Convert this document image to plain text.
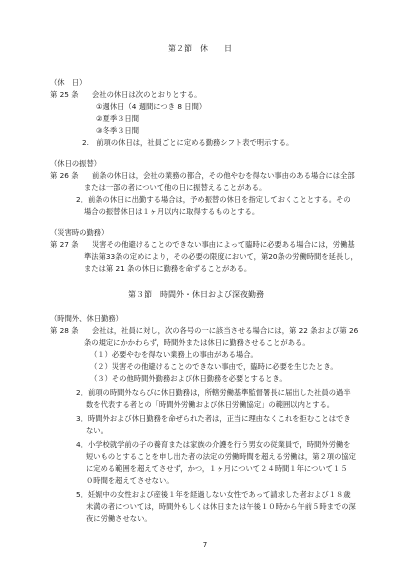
第２節　休　　日
（休　日）
第 25 条 会社の休日は次のとおりとする。
①週休日（4 週間につき 8 日間）
②夏季３日間
③冬季３日間
2.　前項の休日は，社員ごとに定める勤務シフト表で明示する。
（休日の振替）
第 26 条 前条の休日は，会社の業務の都合，その他やむを得ない事由のある場合には全部
または一部の者について他の日に振替えることがある。
2．前条の休日に出勤する場合は，予め振替の休日を指定しておくこととする。その
場合の振替休日は１ヶ月以内に取得するものとする。
（災害時の勤務）
第 27 条 災害その他避けることのできない事由によって臨時に必要ある場合には，労働基
準法第33条の定めにより，その必要の限度において，第20条の労働時間を延長し，
または第 21 条の休日に勤務を命ずることがある。
第３節　時間外・休日および深夜勤務
（時間外、休日勤務）
第 28 条 会社は，社員に対し，次の各号の一に該当させる場合には，第 22 条および第 26
条の規定にかかわらず，時間外または休日に勤務させることがある。
（１）必要やむを得ない業務上の事由がある場合。
（２）災害その他避けることのできない事由で，臨時に必要を生じたとき。
（３）その他時間外勤務および休日勤務を必要とするとき。
2．前項の時間外ならびに休日勤務は，所轄労働基準監督署長に届出した社員の過半
数を代表する者との「時間外労働および休日労働協定」の範囲以内とする。
3．時間外および休日勤務を命ぜられた者は，正当に理由なくこれを拒むことはでき
ない。
4．小学校就学前の子の養育または家族の介護を行う男女の従業員で，時間外労働を
短いものとすることを申し出た者の法定の労働時間を超える労働は，第２項の協定
に定める範囲を超えてさせず，かつ，１ヶ月について２４時間１年について１５
０時間を超えてさせない。
5．妊娠中の女性および産後１年を経過しない女性であって請求した者および１８歳
未満の者については，時間外もしくは休日または午後１０時から午前５時までの深
夜に労働させない。
7
